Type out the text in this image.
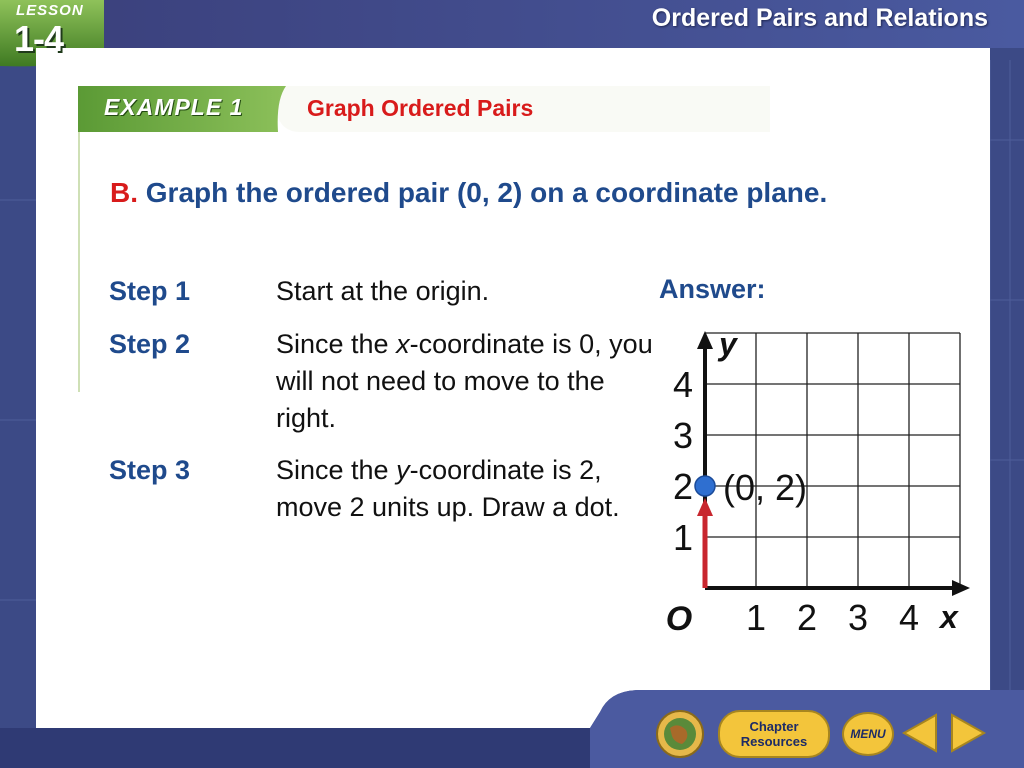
LESSON
1-4	Ordered Pairs and Relations
EXAMPLE 1	Graph Ordered Pairs
B. Graph the ordered pair (0, 2) on a coordinate plane.
Step 1	Start at the origin.
Step 2	Since the x-coordinate is 0, you will not need to move to the right.
Step 3	Since the y-coordinate is 2, move 2 units up. Draw a dot.
Answer:
1 2 3 4
1
2
3
4
O	x
y
(0, 2)
Chapter
Resources	MENU
